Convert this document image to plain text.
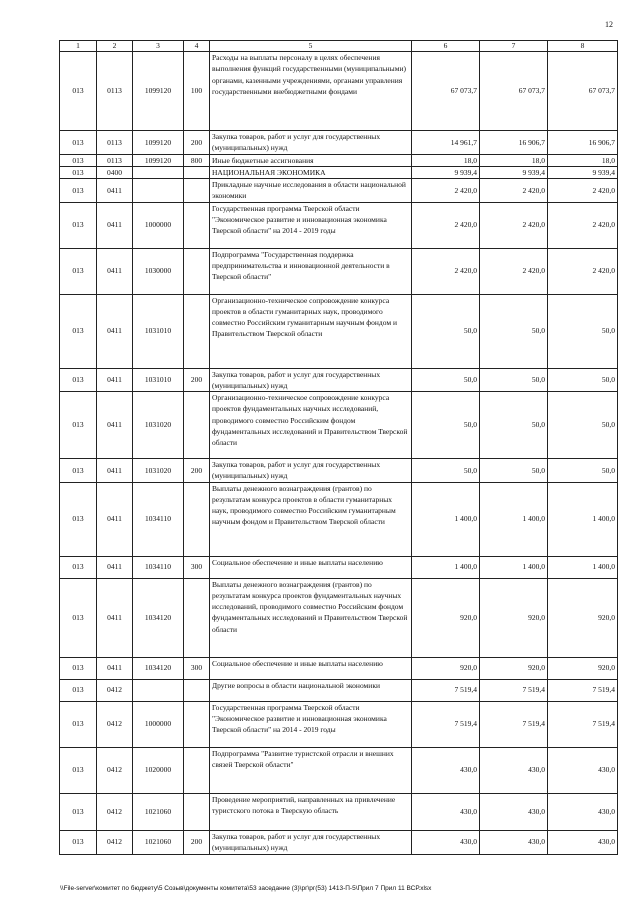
12
1	2	3	4	5	6	7	8
013	0113	1099120	100	Расходы на выплаты персоналу в целях обеспечения выполнения функций государственными (муниципальными) органами, казенными учреждениями, органами управления государственными внебюджетными фондами	67 073,7	67 073,7	67 073,7
013	0113	1099120	200	Закупка товаров, работ и услуг для государственных (муниципальных) нужд	14 961,7	16 906,7	16 906,7
013	0113	1099120	800	Иные бюджетные ассигнования	18,0	18,0	18,0
013	0400			НАЦИОНАЛЬНАЯ ЭКОНОМИКА	9 939,4	9 939,4	9 939,4
013	0411			Прикладные научные исследования в области национальной экономики	2 420,0	2 420,0	2 420,0
013	0411	1000000		Государственная программа Тверской области "Экономическое развитие и инновационная экономика Тверской области" на 2014 - 2019 годы	2 420,0	2 420,0	2 420,0
013	0411	1030000		Подпрограмма "Государственная поддержка предпринимательства и инновационной деятельности в Тверской области"	2 420,0	2 420,0	2 420,0
013	0411	1031010		Организационно-техническое сопровождение конкурса проектов в области гуманитарных наук, проводимого совместно Российским гуманитарным научным фондом и Правительством Тверской области	50,0	50,0	50,0
013	0411	1031010	200	Закупка товаров, работ и услуг для государственных (муниципальных) нужд	50,0	50,0	50,0
013	0411	1031020		Организационно-техническое сопровождение конкурса проектов фундаментальных научных исследований, проводимого совместно Российским фондом фундаментальных исследований и Правительством Тверской области	50,0	50,0	50,0
013	0411	1031020	200	Закупка товаров, работ и услуг для государственных (муниципальных) нужд	50,0	50,0	50,0
013	0411	1034110		Выплаты денежного вознаграждения (грантов) по результатам конкурса проектов в области гуманитарных наук, проводимого совместно Российским гуманитарным научным фондом и Правительством Тверской области	1 400,0	1 400,0	1 400,0
013	0411	1034110	300	Социальное обеспечение и иные выплаты населению	1 400,0	1 400,0	1 400,0
013	0411	1034120		Выплаты денежного вознаграждения (грантов) по результатам конкурса проектов фундаментальных научных исследований, проводимого совместно Российским фондом фундаментальных исследований и Правительством Тверской области	920,0	920,0	920,0
013	0411	1034120	300	Социальное обеспечение и иные выплаты населению	920,0	920,0	920,0
013	0412			Другие вопросы в области национальной экономики	7 519,4	7 519,4	7 519,4
013	0412	1000000		Государственная программа Тверской области "Экономическое развитие и инновационная экономика Тверской области" на 2014 - 2019 годы	7 519,4	7 519,4	7 519,4
013	0412	1020000		Подпрограмма "Развитие туристской отрасли и внешних связей Тверской области"	430,0	430,0	430,0
013	0412	1021060		Проведение мероприятий, направленных на привлечение туристского потока в Тверскую область	430,0	430,0	430,0
013	0412	1021060	200	Закупка товаров, работ и услуг для государственных (муниципальных) нужд	430,0	430,0	430,0
\\File-server\комитет по бюджету\5 Созыв\документы комитета\53 заседание (3)\рг\рг(53) 1413-П-5\Прил 7 Прил 11 ВСР.xlsx
